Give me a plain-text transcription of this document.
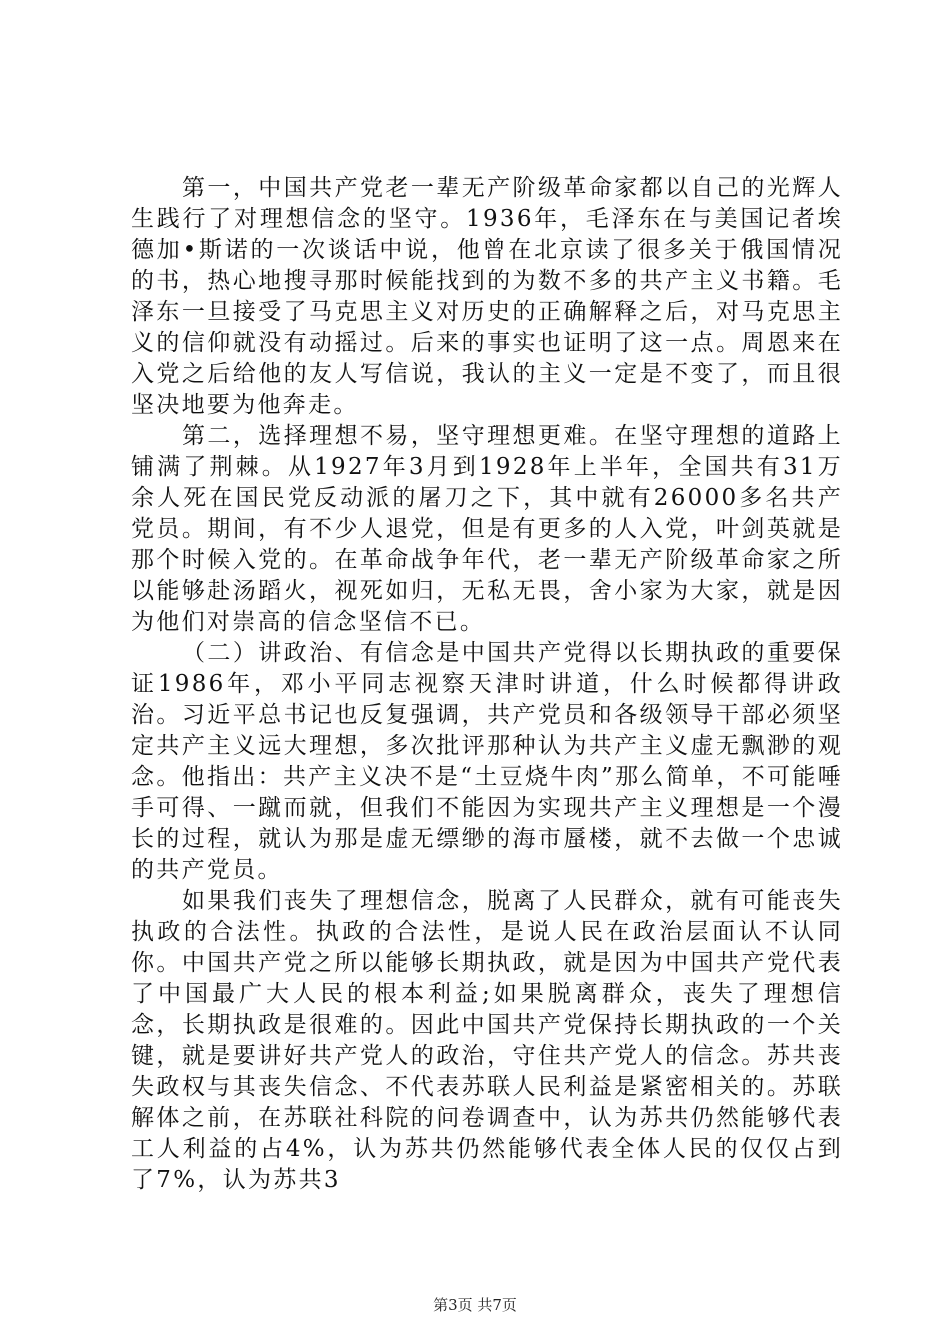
第一，中国共产党老一辈无产阶级革命家都以自己的光辉人生践行了对理想信念的坚守。1936年，毛泽东在与美国记者埃德加•斯诺的一次谈话中说，他曾在北京读了很多关于俄国情况的书，热心地搜寻那时候能找到的为数不多的共产主义书籍。毛泽东一旦接受了马克思主义对历史的正确解释之后，对马克思主义的信仰就没有动摇过。后来的事实也证明了这一点。周恩来在入党之后给他的友人写信说，我认的主义一定是不变了，而且很坚决地要为他奔走。

第二，选择理想不易，坚守理想更难。在坚守理想的道路上铺满了荆棘。从1927年3月到1928年上半年，全国共有31万余人死在国民党反动派的屠刀之下，其中就有26000多名共产党员。期间，有不少人退党，但是有更多的人入党，叶剑英就是那个时候入党的。在革命战争年代，老一辈无产阶级革命家之所以能够赴汤蹈火，视死如归，无私无畏，舍小家为大家，就是因为他们对崇高的信念坚信不已。

（二）讲政治、有信念是中国共产党得以长期执政的重要保证1986年，邓小平同志视察天津时讲道，什么时候都得讲政治。习近平总书记也反复强调，共产党员和各级领导干部必须坚定共产主义远大理想，多次批评那种认为共产主义虚无飘渺的观念。他指出：共产主义决不是“土豆烧牛肉”那么简单，不可能唾手可得、一蹴而就，但我们不能因为实现共产主义理想是一个漫长的过程，就认为那是虚无缥缈的海市蜃楼，就不去做一个忠诚的共产党员。

如果我们丧失了理想信念，脱离了人民群众，就有可能丧失执政的合法性。执政的合法性，是说人民在政治层面认不认同你。中国共产党之所以能够长期执政，就是因为中国共产党代表了中国最广大人民的根本利益;如果脱离群众，丧失了理想信念，长期执政是很难的。因此中国共产党保持长期执政的一个关键，就是要讲好共产党人的政治，守住共产党人的信念。苏共丧失政权与其丧失信念、不代表苏联人民利益是紧密相关的。苏联解体之前，在苏联社科院的问卷调查中，认为苏共仍然能够代表工人利益的占4%，认为苏共仍然能够代表全体人民的仅仅占到了7%，认为苏共3

第3页 共7页
